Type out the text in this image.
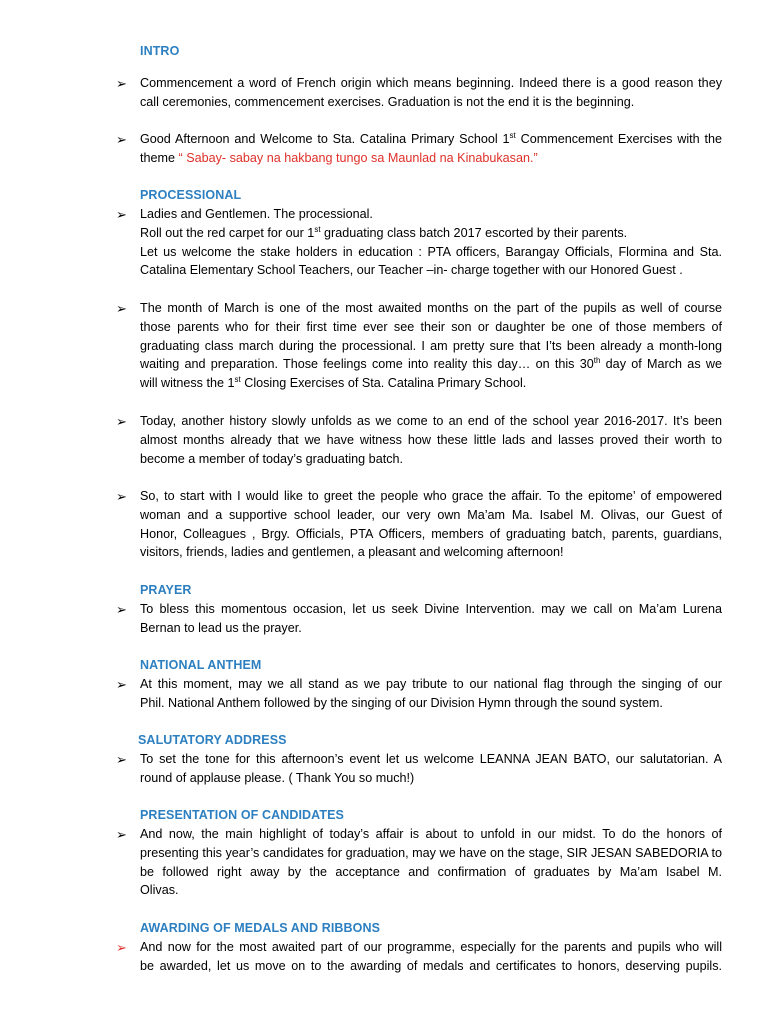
INTRO
➢ Commencement a word of French origin which means beginning. Indeed there is a good reason they
call ceremonies, commencement exercises. Graduation is not the end it is the beginning.
➢ Good Afternoon and Welcome to Sta. Catalina Primary School 1st Commencement Exercises with the
theme “ Sabay- sabay na hakbang tungo sa Maunlad na Kinabukasan.”
PROCESSIONAL
➢ Ladies and Gentlemen. The processional.
Roll out the red carpet for our 1st graduating class batch 2017 escorted by their parents.
Let us welcome the stake holders in education : PTA officers, Barangay Officials, Flormina and Sta.
Catalina Elementary School Teachers, our Teacher –in- charge together with our Honored Guest .
➢ The month of March is one of the most awaited months on the part of the pupils as well of course
those parents who for their first time ever see their son or daughter be one of those members of
graduating class march during the processional. I am pretty sure that I’ts been already a month-long
waiting and preparation. Those feelings come into reality this day… on this 30th day of March as we
will witness the 1st Closing Exercises of Sta. Catalina Primary School.
➢ Today, another history slowly unfolds as we come to an end of the school year 2016-2017. It’s been
almost months already that we have witness how these little lads and lasses proved their worth to
become a member of today’s graduating batch.
➢ So, to start with I would like to greet the people who grace the affair. To the epitome’ of empowered
woman and a supportive school leader, our very own Ma’am Ma. Isabel M. Olivas, our Guest of
Honor, Colleagues , Brgy. Officials, PTA Officers, members of graduating batch, parents, guardians,
visitors, friends, ladies and gentlemen, a pleasant and welcoming afternoon!
PRAYER
➢ To bless this momentous occasion, let us seek Divine Intervention. may we call on Ma’am Lurena
Bernan to lead us the prayer.
NATIONAL ANTHEM
➢ At this moment, may we all stand as we pay tribute to our national flag through the singing of our
Phil. National Anthem followed by the singing of our Division Hymn through the sound system.
SALUTATORY ADDRESS
➢ To set the tone for this afternoon’s event let us welcome LEANNA JEAN BATO, our salutatorian. A
round of applause please. ( Thank You so much!)
PRESENTATION OF CANDIDATES
➢ And now, the main highlight of today’s affair is about to unfold in our midst. To do the honors of
presenting this year’s candidates for graduation, may we have on the stage, SIR JESAN SABEDORIA to
be followed right away by the acceptance and confirmation of graduates by Ma’am Isabel M.
Olivas.
AWARDING OF MEDALS AND RIBBONS
➢ And now for the most awaited part of our programme, especially for the parents and pupils who will
be awarded, let us move on to the awarding of medals and certificates to honors, deserving pupils.
